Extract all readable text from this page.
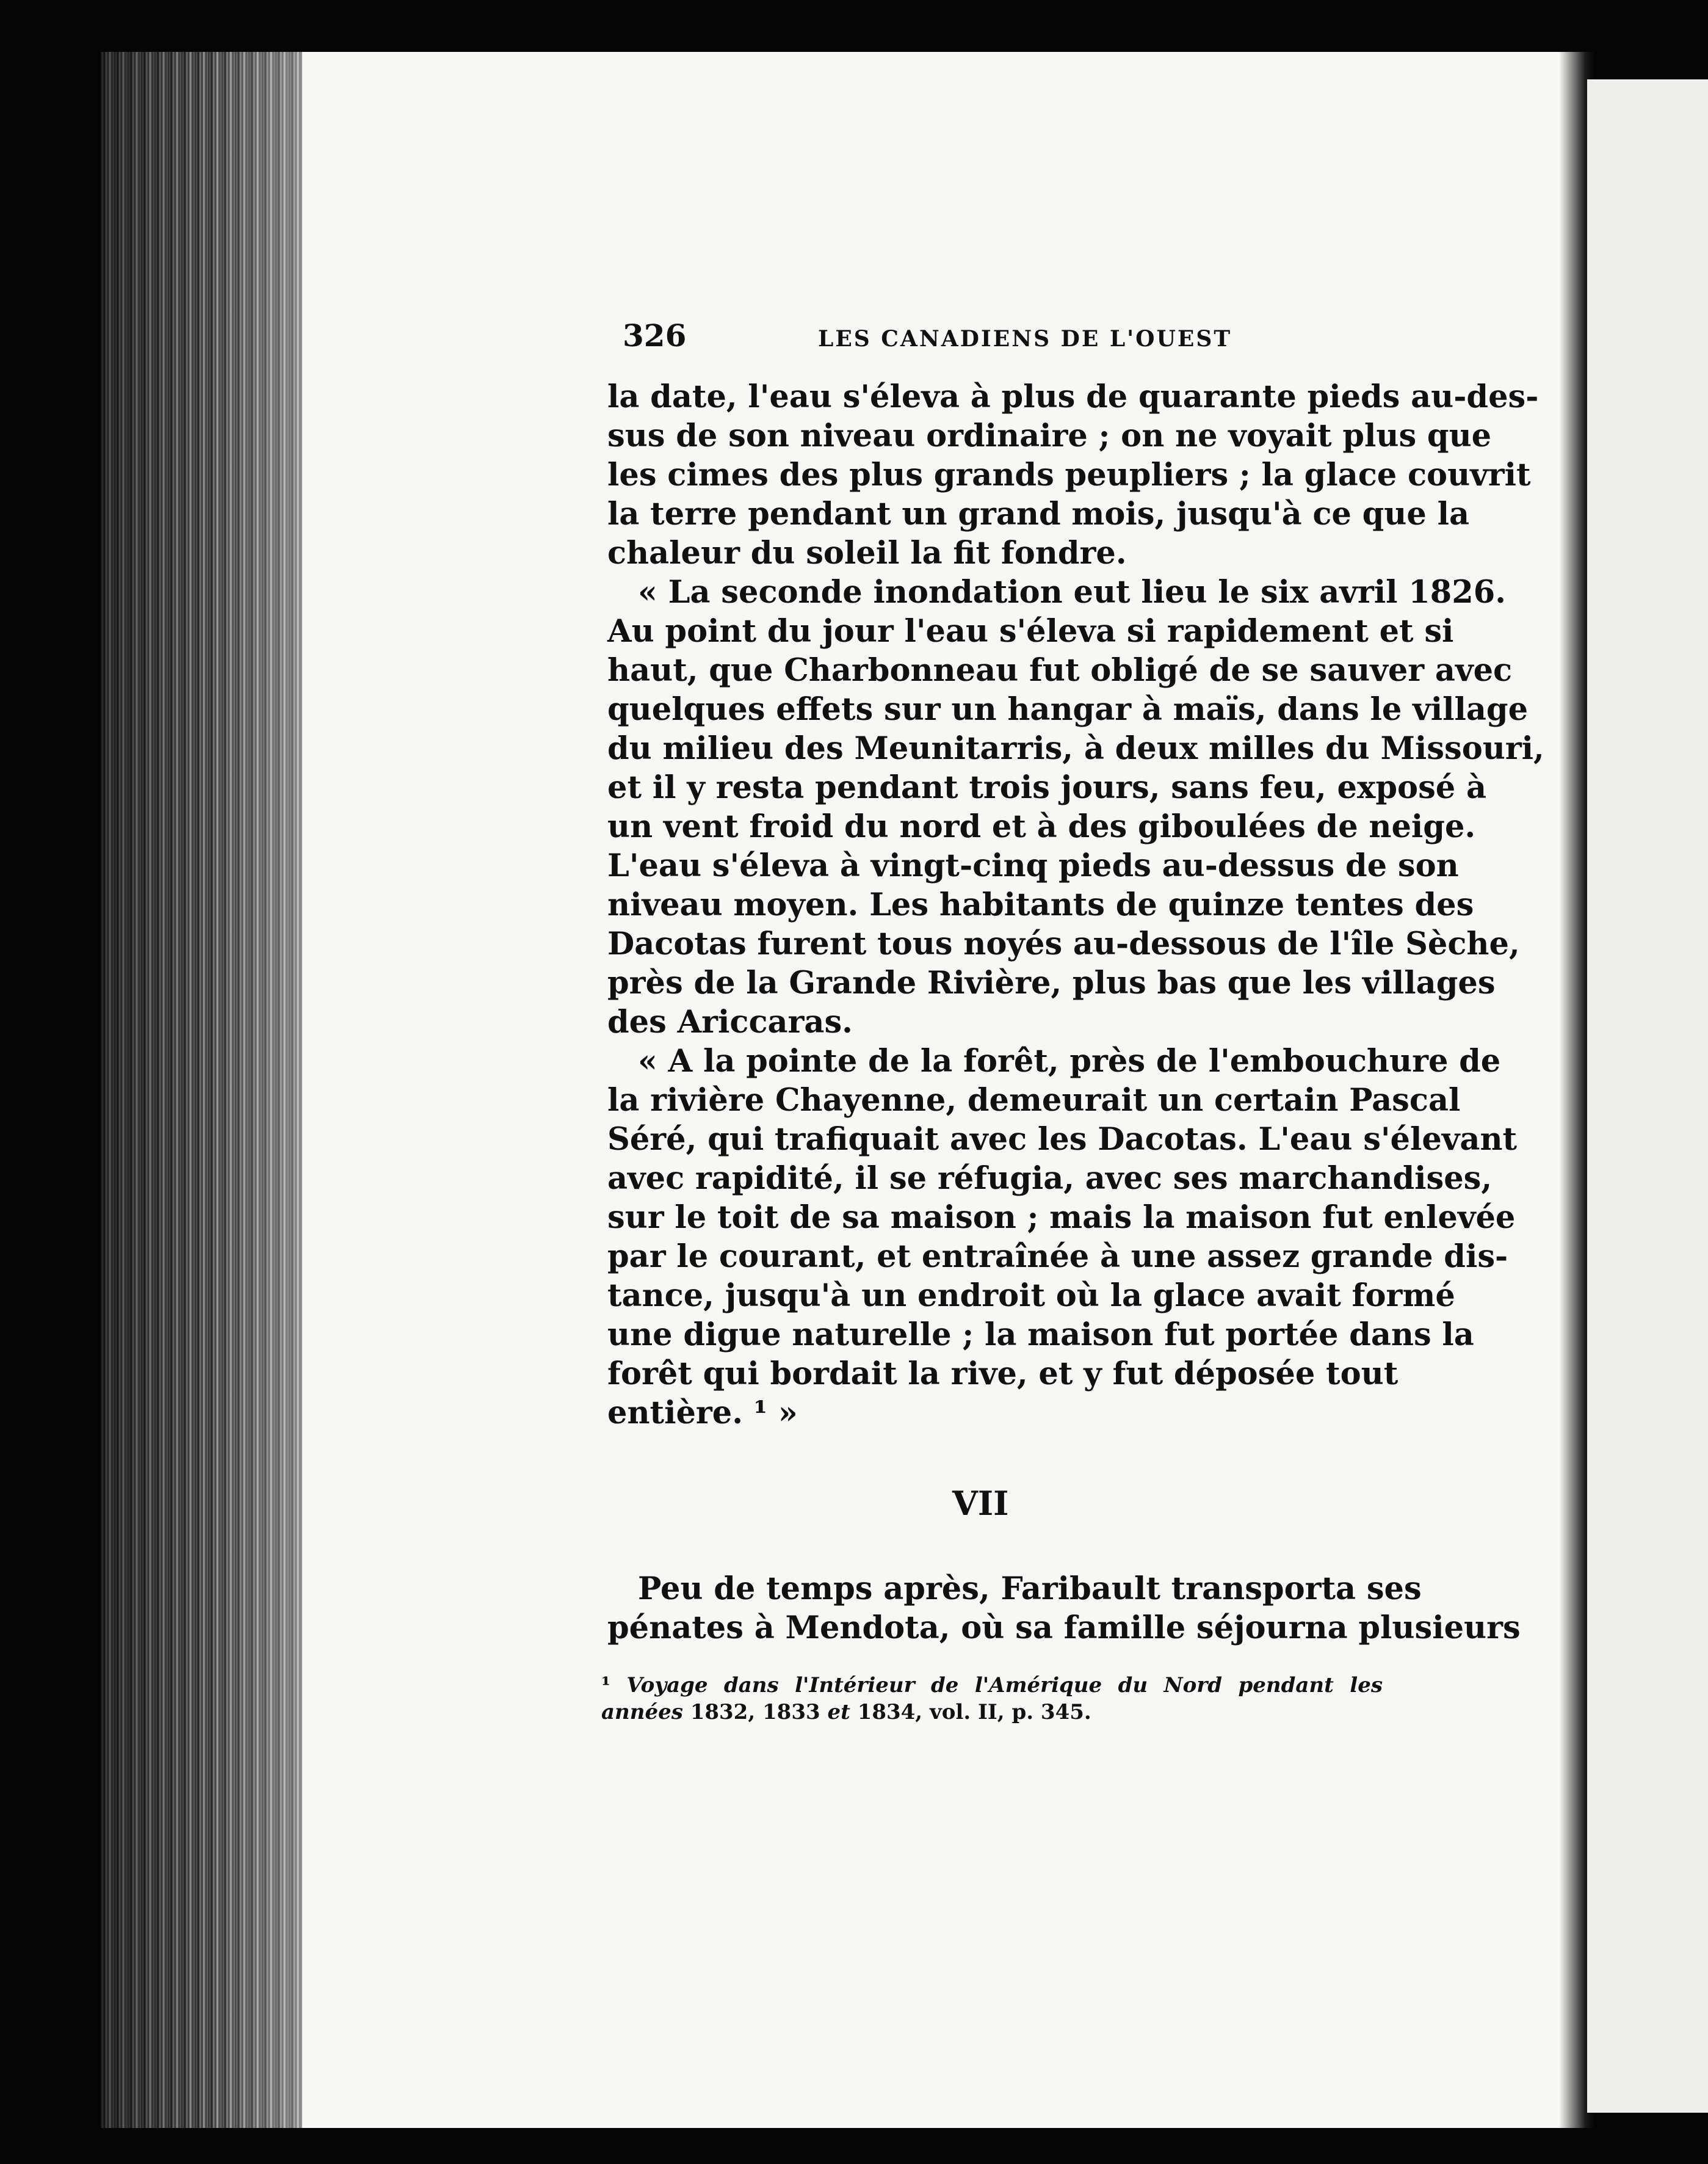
326	LES CANADIENS DE L'OUEST
la date, l'eau s'éleva à plus de quarante pieds au-des-
sus de son niveau ordinaire ; on ne voyait plus que
les cimes des plus grands peupliers ; la glace couvrit
la terre pendant un grand mois, jusqu'à ce que la
chaleur du soleil la fit fondre.
« La seconde inondation eut lieu le six avril 1826.
Au point du jour l'eau s'éleva si rapidement et si
haut, que Charbonneau fut obligé de se sauver avec
quelques effets sur un hangar à maïs, dans le village
du milieu des Meunitarris, à deux milles du Missouri,
et il y resta pendant trois jours, sans feu, exposé à
un vent froid du nord et à des giboulées de neige.
L'eau s'éleva à vingt-cinq pieds au-dessus de son
niveau moyen. Les habitants de quinze tentes des
Dacotas furent tous noyés au-dessous de l'île Sèche,
près de la Grande Rivière, plus bas que les villages
des Ariccaras.
« A la pointe de la forêt, près de l'embouchure de
la rivière Chayenne, demeurait un certain Pascal
Séré, qui trafiquait avec les Dacotas. L'eau s'élevant
avec rapidité, il se réfugia, avec ses marchandises,
sur le toit de sa maison ; mais la maison fut enlevée
par le courant, et entraînée à une assez grande dis-
tance, jusqu'à un endroit où la glace avait formé
une digue naturelle ; la maison fut portée dans la
forêt qui bordait la rive, et y fut déposée tout
entière. ¹ »
VII
Peu de temps après, Faribault transporta ses
pénates à Mendota, où sa famille séjourna plusieurs
¹ Voyage dans l'Intérieur de l'Amérique du Nord pendant les
années 1832, 1833 et 1834, vol. II, p. 345.
